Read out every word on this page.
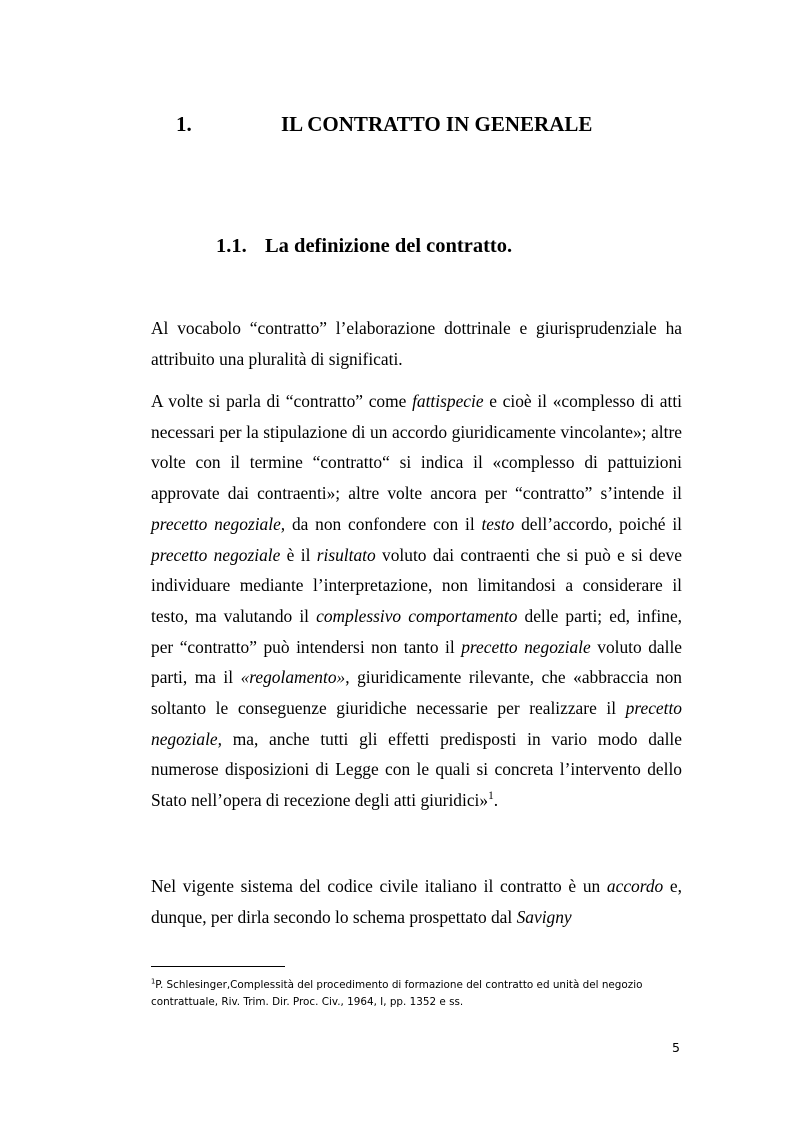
1.	IL CONTRATTO IN GENERALE
1.1. La definizione del contratto.
Al vocabolo “contratto” l’elaborazione dottrinale e giurisprudenziale ha attribuito una pluralità di significati.
A volte si parla di “contratto” come fattispecie e cioè il «complesso di atti necessari per la stipulazione di un accordo giuridicamente vincolante»; altre volte con il termine “contratto“ si indica il «complesso di pattuizioni approvate dai contraenti»; altre volte ancora per “contratto” s’intende il precetto negoziale, da non confondere con il testo dell’accordo, poiché il precetto negoziale è il risultato voluto dai contraenti che si può e si deve individuare mediante l’interpretazione, non limitandosi a considerare il testo, ma valutando il complessivo comportamento delle parti; ed, infine, per “contratto” può intendersi non tanto il precetto negoziale voluto dalle parti, ma il «regolamento», giuridicamente rilevante, che «abbraccia non soltanto le conseguenze giuridiche necessarie per realizzare il precetto negoziale, ma, anche tutti gli effetti predisposti in vario modo dalle numerose disposizioni di Legge con le quali si concreta l’intervento dello Stato nell’opera di recezione degli atti giuridici»$^1$.
Nel vigente sistema del codice civile italiano il contratto è un accordo e, dunque, per dirla secondo lo schema prospettato dal Savigny
$^1$P. Schlesinger,Complessità del procedimento di formazione del contratto ed unità del negozio contrattuale, Riv. Trim. Dir. Proc. Civ., 1964, I, pp. 1352 e ss.
5
